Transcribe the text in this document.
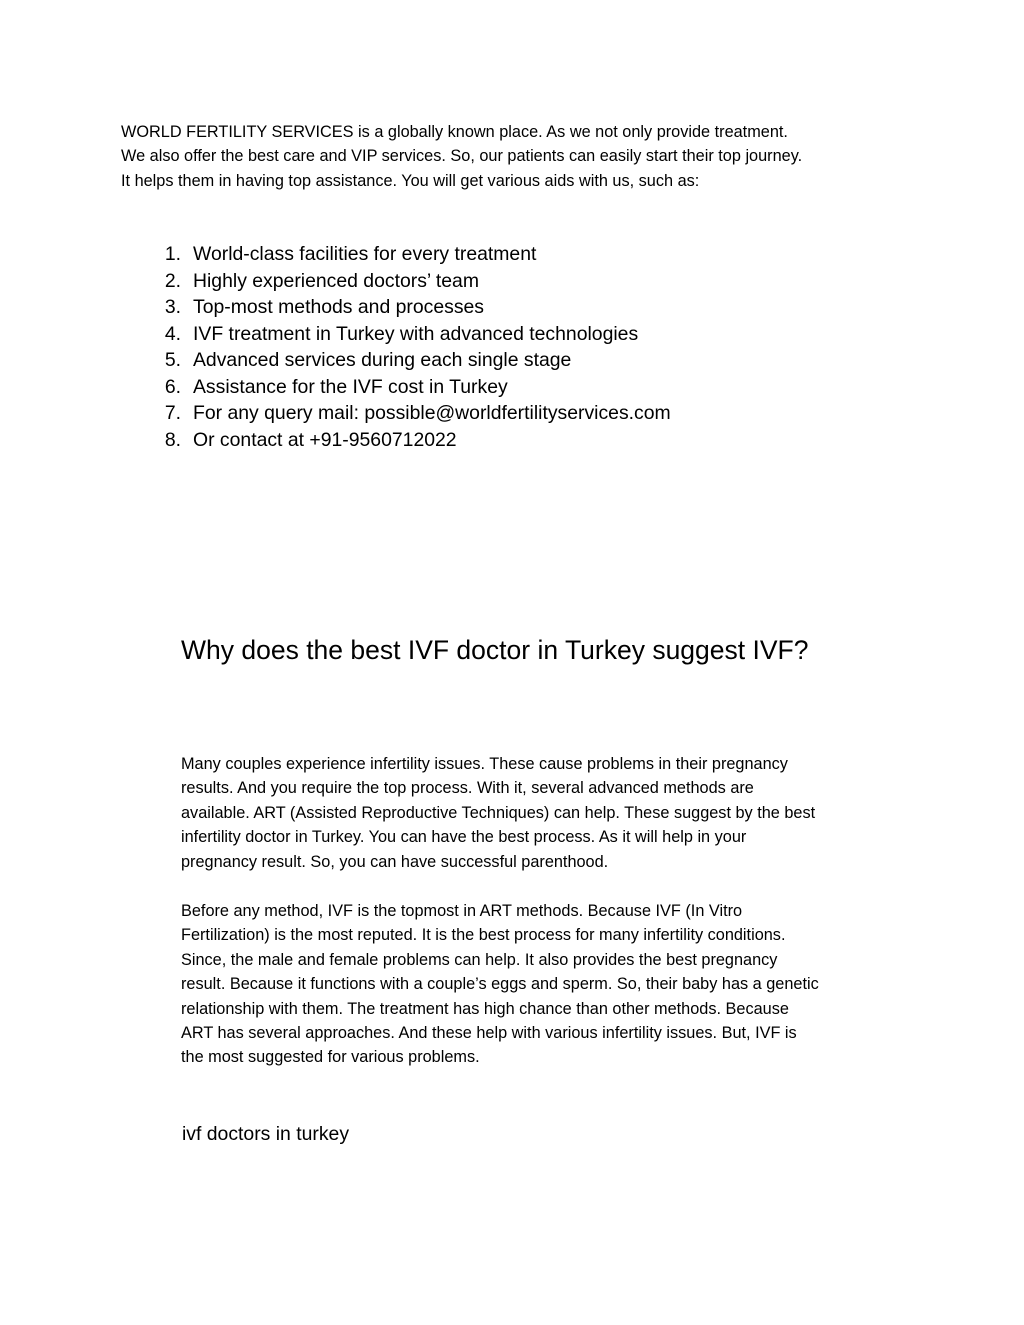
WORLD FERTILITY SERVICES is a globally known place. As we not only provide treatment.
We also offer the best care and VIP services. So, our patients can easily start their top journey.
It helps them in having top assistance. You will get various aids with us, such as:

1. World-class facilities for every treatment
2. Highly experienced doctors’ team
3. Top-most methods and processes
4. IVF treatment in Turkey with advanced technologies
5. Advanced services during each single stage
6. Assistance for the IVF cost in Turkey
7. For any query mail: possible@worldfertilityservices.com
8. Or contact at +91-9560712022
Why does the best IVF doctor in Turkey suggest IVF?

Many couples experience infertility issues. These cause problems in their pregnancy
results. And you require the top process. With it, several advanced methods are
available. ART (Assisted Reproductive Techniques) can help. These suggest by the best
infertility doctor in Turkey. You can have the best process. As it will help in your
pregnancy result. So, you can have successful parenthood.

Before any method, IVF is the topmost in ART methods. Because IVF (In Vitro
Fertilization) is the most reputed. It is the best process for many infertility conditions.
Since, the male and female problems can help. It also provides the best pregnancy
result. Because it functions with a couple’s eggs and sperm. So, their baby has a genetic
relationship with them. The treatment has high chance than other methods. Because
ART has several approaches. And these help with various infertility issues. But, IVF is
the most suggested for various problems.

ivf doctors in turkey
